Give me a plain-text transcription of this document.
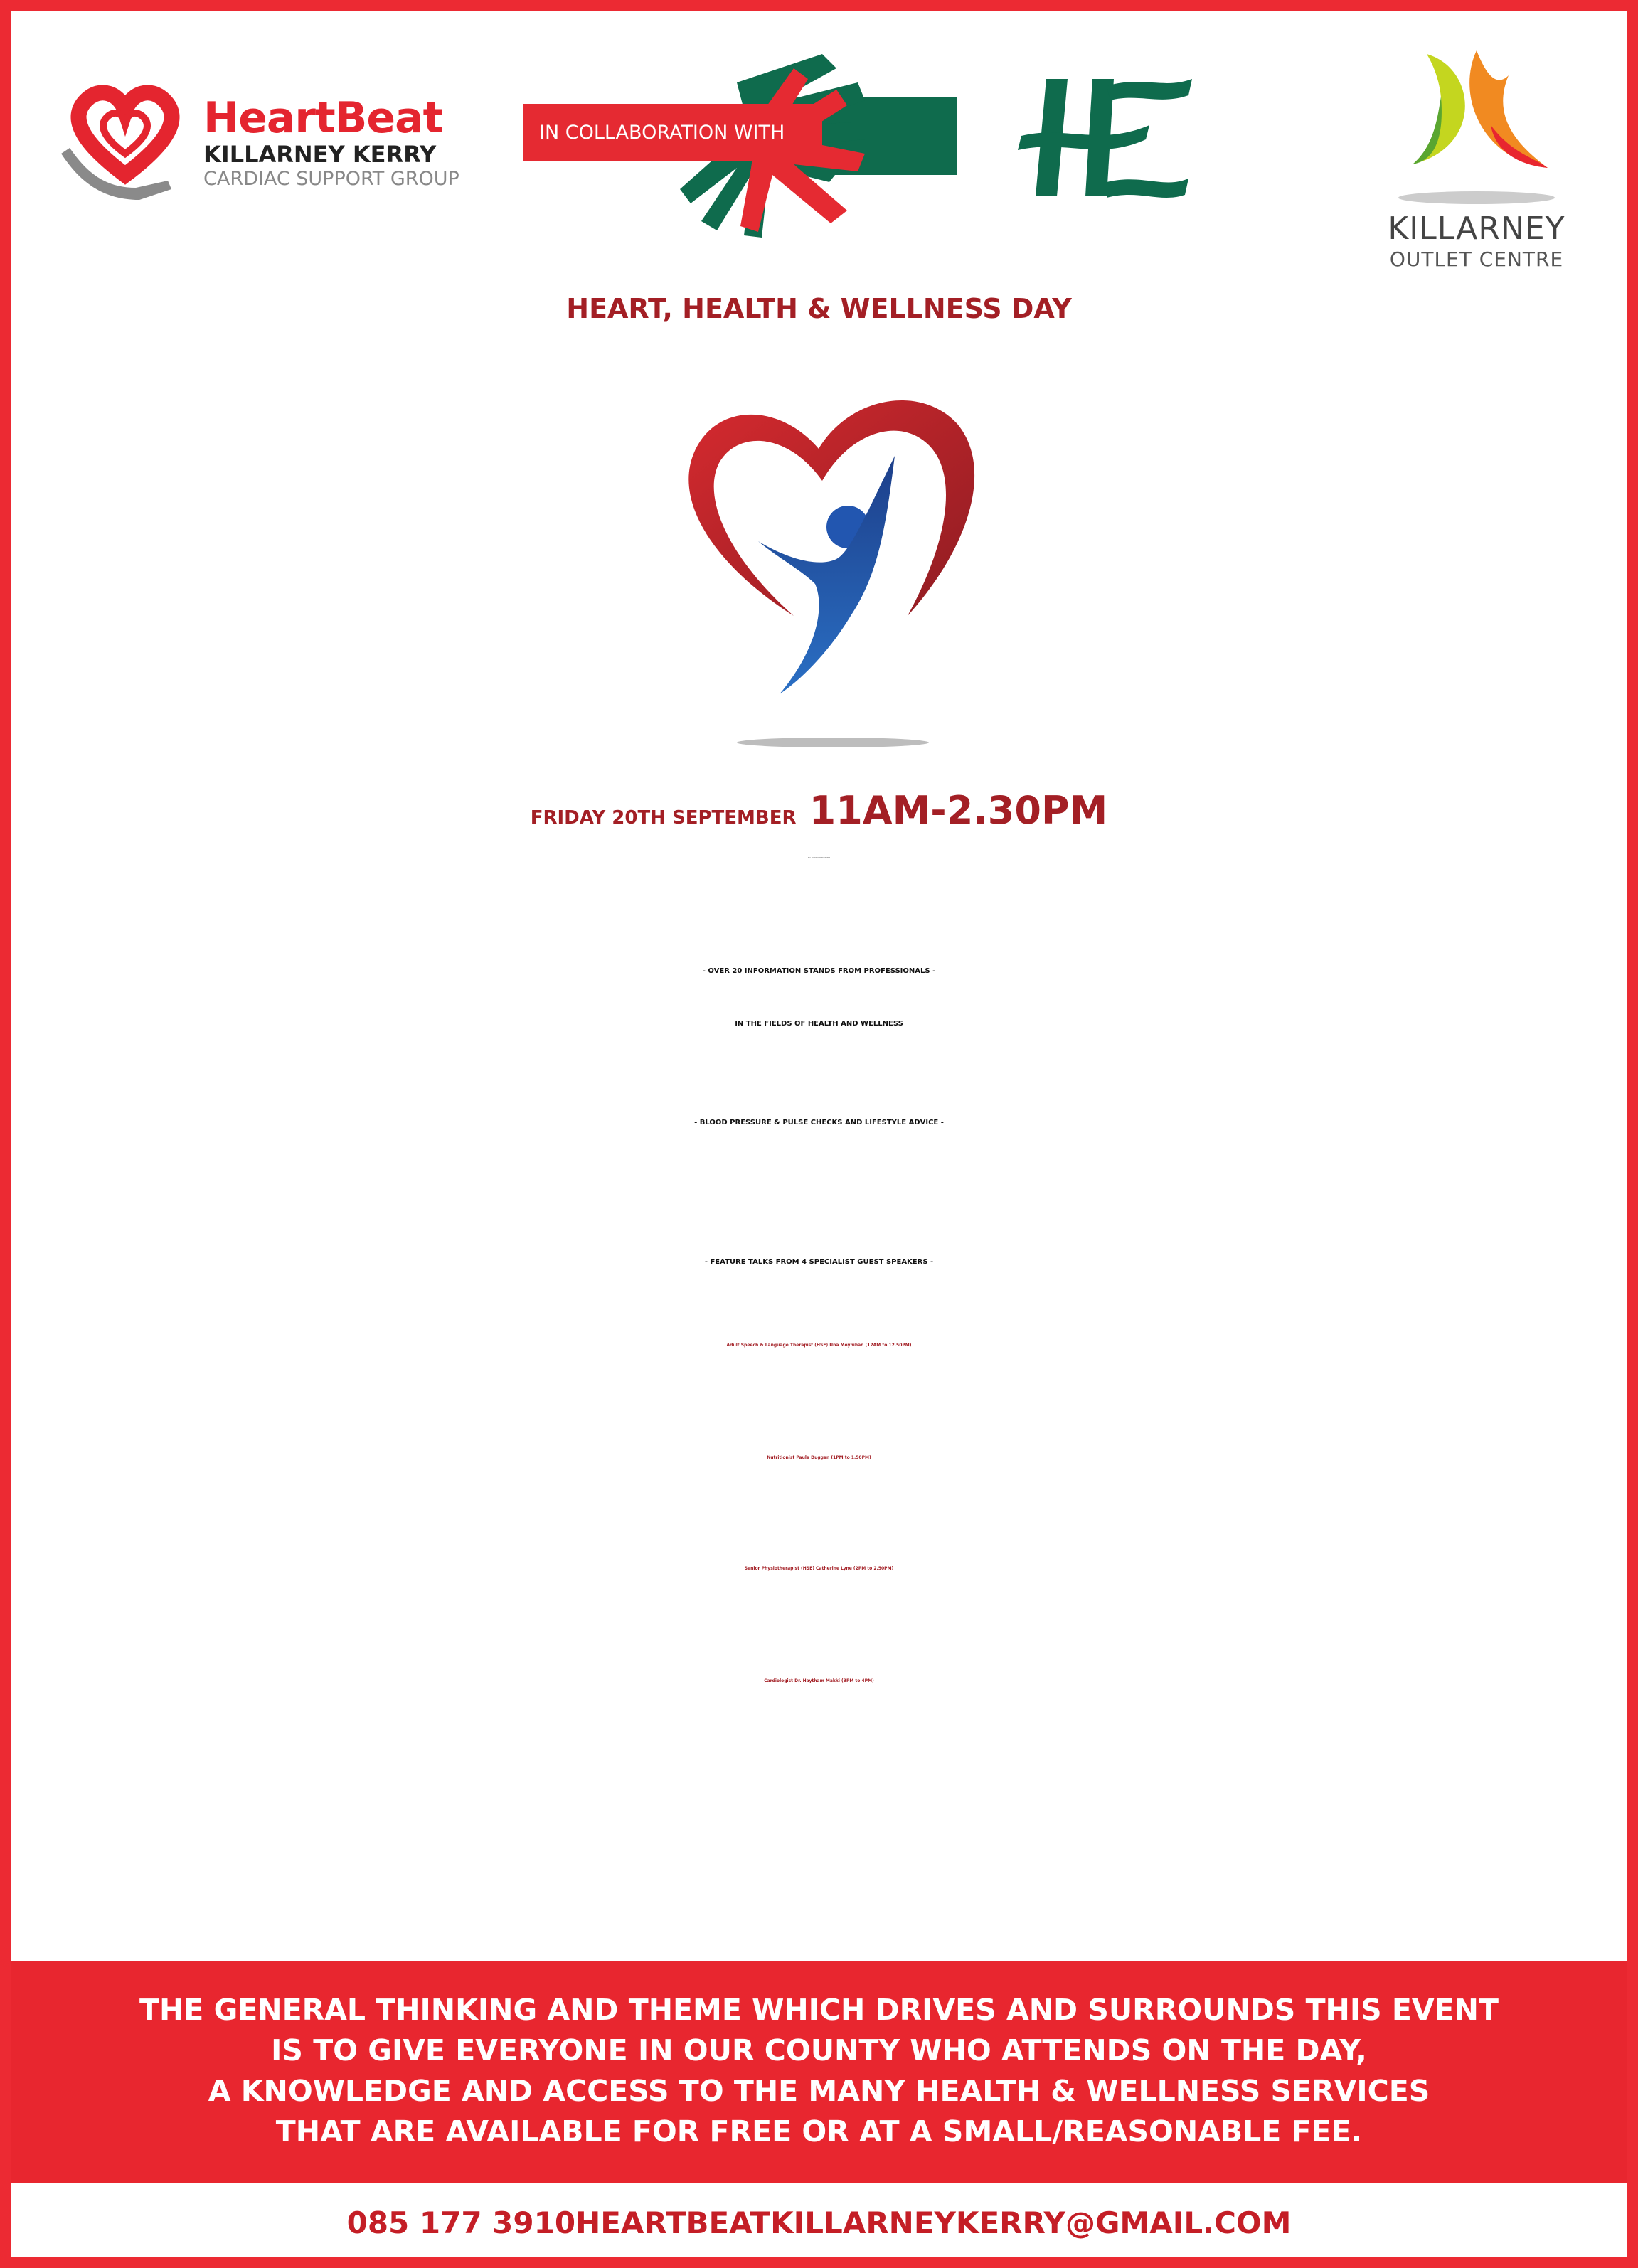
HeartBeat
KILLARNEY KERRY
CARDIAC SUPPORT GROUP
IN COLLABORATION WITH
KILLARNEY
OUTLET CENTRE
HEART, HEALTH & WELLNESS DAY
FRIDAY 20TH SEPTEMBER 11AM-2.30PM
KILLARNEY OUTLET CENTRE
- OVER 20 INFORMATION STANDS FROM PROFESSIONALS -
IN THE FIELDS OF HEALTH AND WELLNESS
- BLOOD PRESSURE & PULSE CHECKS AND LIFESTYLE ADVICE -
- FEATURE TALKS FROM 4 SPECIALIST GUEST SPEAKERS -
Adult Speech & Language Therapist (HSE) Una Moynihan (12AM to 12.50PM)
Nutritionist Paula Duggan (1PM to 1.50PM)
Senior Physiotherapist (HSE) Catherine Lyne (2PM to 2.50PM)
Cardiologist Dr. Haytham Makki (3PM to 4PM)
THE GENERAL THINKING AND THEME WHICH DRIVES AND SURROUNDS THIS EVENT
IS TO GIVE EVERYONE IN OUR COUNTY WHO ATTENDS ON THE DAY,
A KNOWLEDGE AND ACCESS TO THE MANY HEALTH & WELLNESS SERVICES
THAT ARE AVAILABLE FOR FREE OR AT A SMALL/REASONABLE FEE.
085 177 3910HEARTBEATKILLARNEYKERRY@GMAIL.COM
